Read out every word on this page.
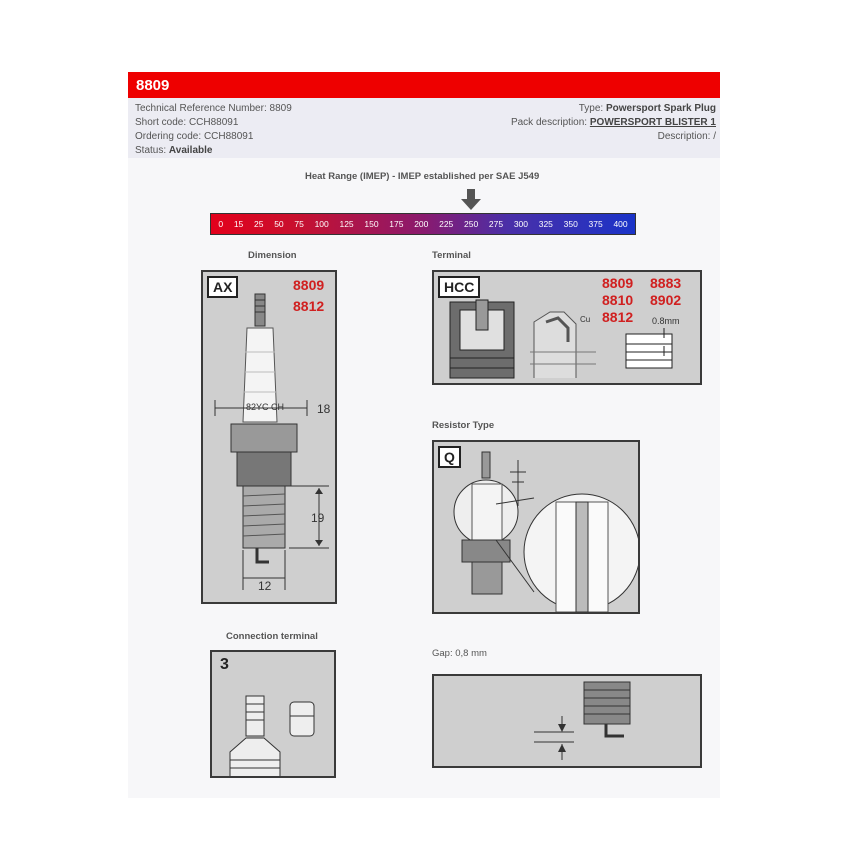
8809
Technical Reference Number: 8809
Short code: CCH88091
Ordering code: CCH88091
Status: Available
Type: Powersport Spark Plug
Pack description: POWERSPORT BLISTER 1
Description: /
Heat Range (IMEP) - IMEP established per SAE J549
0 15 25 50 75 100 125 150 175 200 225 250 275 300 325 350 375 400
Dimension	Terminal
Resistor Type
Connection terminal
Gap: 0,8 mm
AX	8809
8812
82YC CH	18
19
12
HCC	8809
8810
8812
8883
8902
Cu	0.8mm
Q
3
